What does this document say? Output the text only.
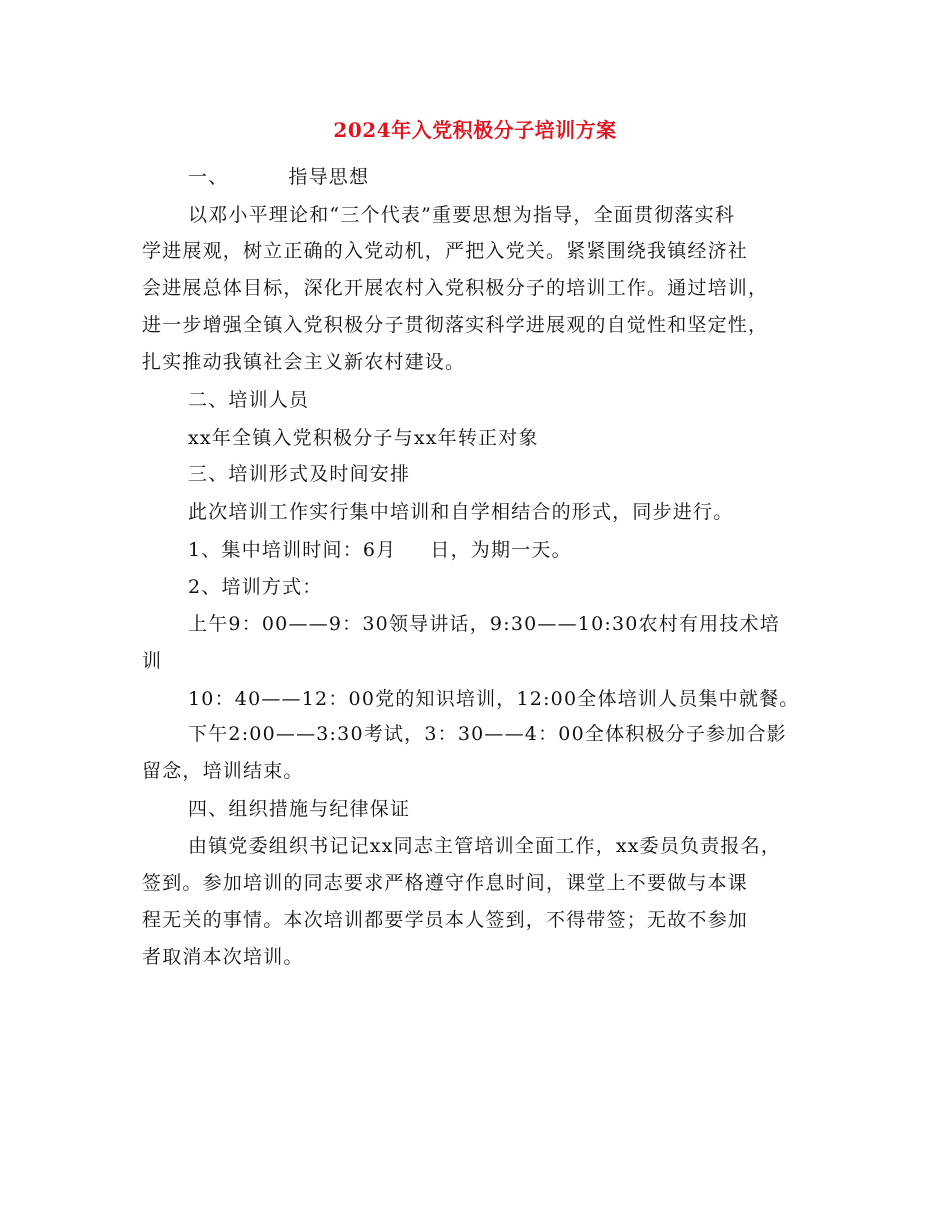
2024年入党积极分子培训方案
一、	指导思想
以邓小平理论和“三个代表”重要思想为指导，全面贯彻落实科
学进展观，树立正确的入党动机，严把入党关。紧紧围绕我镇经济社
会进展总体目标，深化开展农村入党积极分子的培训工作。通过培训，
进一步增强全镇入党积极分子贯彻落实科学进展观的自觉性和坚定性，
扎实推动我镇社会主义新农村建设。
二、培训人员
xx年全镇入党积极分子与xx年转正对象
三、培训形式及时间安排
此次培训工作实行集中培训和自学相结合的形式，同步进行。
1、集中培训时间：6月 日，为期一天。
2、培训方式：
上午9：00——9：30领导讲话，9:30——10:30农村有用技术培
训
10：40——12：00党的知识培训，12:00全体培训人员集中就餐。
下午2:00——3:30考试，3：30——4：00全体积极分子参加合影
留念，培训结束。
四、组织措施与纪律保证
由镇党委组织书记记xx同志主管培训全面工作，xx委员负责报名，
签到。参加培训的同志要求严格遵守作息时间，课堂上不要做与本课
程无关的事情。本次培训都要学员本人签到，不得带签；无故不参加
者取消本次培训。
